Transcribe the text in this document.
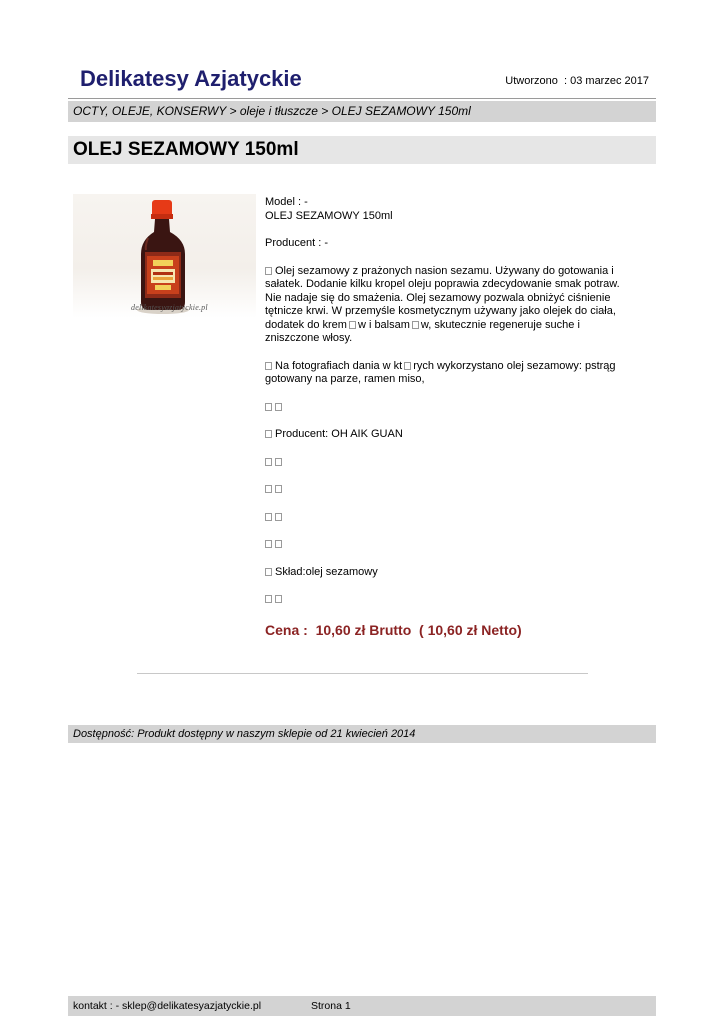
Delikatesy Azjatyckie	Utworzono  : 03 marzec 2017
OCTY, OLEJE, KONSERWY > oleje i tłuszcze > OLEJ SEZAMOWY 150ml
OLEJ SEZAMOWY 150ml
delikatesyazjatyckie.pl

Model : -

OLEJ SEZAMOWY 150ml

Producent : -

Olej sezamowy z prażonych nasion sezamu. Używany do gotowania i sałatek. Dodanie kilku kropel oleju poprawia zdecydowanie smak potraw. Nie nadaje się do smażenia. Olej sezamowy pozwala obniżyć ciśnienie tętnicze krwi. W przemyśle kosmetycznym używany jako olejek do ciała, dodatek do krem w i balsam w, skutecznie regeneruje suche i zniszczone włosy.

Na fotografiach dania w kt rych wykorzystano olej sezamowy: pstrąg gotowany na parze, ramen miso,

Producent: OH AIK GUAN

Skład:olej sezamowy

Cena :  10,60 zł Brutto  ( 10,60 zł Netto)
Dostępność: Produkt dostępny w naszym sklepie od 21 kwiecień 2014
kontakt : - sklep@delikatesyazjatyckie.pl	Strona 1
